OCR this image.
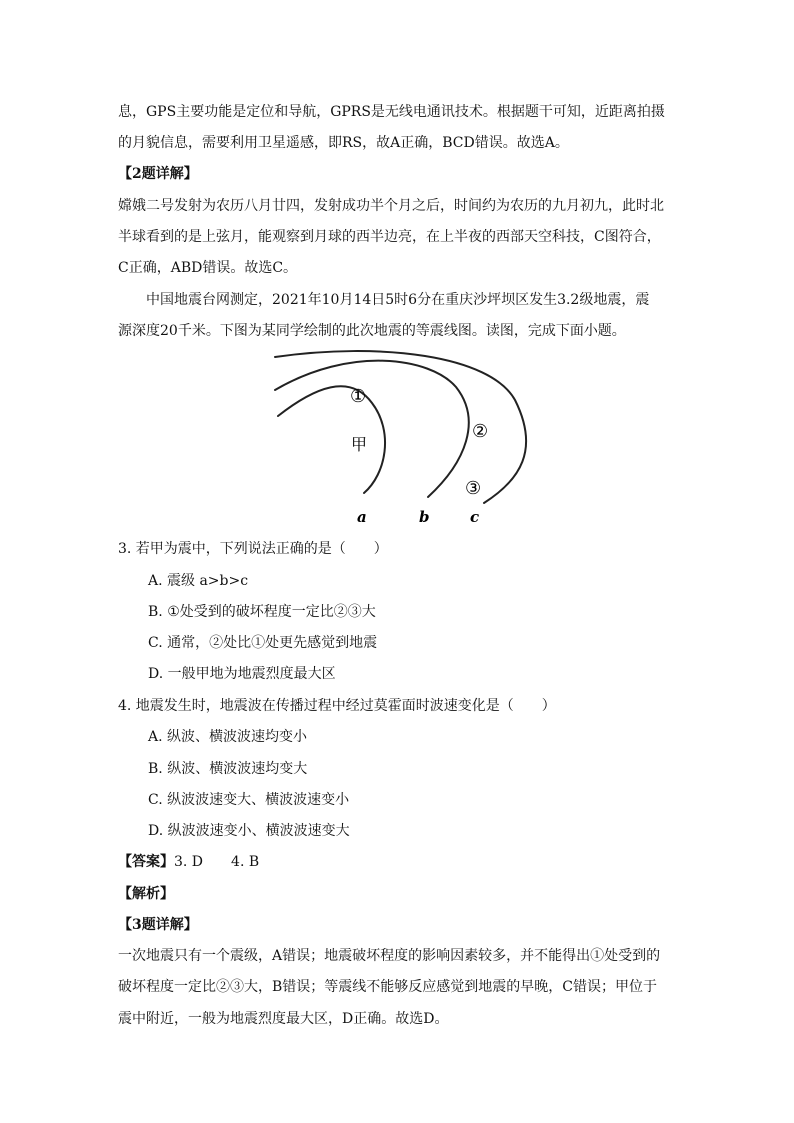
息，GPS主要功能是定位和导航，GPRS是无线电通讯技术。根据题干可知，近距离拍摄
的月貌信息，需要利用卫星遥感，即RS，故A正确，BCD错误。故选A。
【2题详解】
嫦娥二号发射为农历八月廿四，发射成功半个月之后，时间约为农历的九月初九，此时北
半球看到的是上弦月，能观察到月球的西半边亮，在上半夜的西部天空科技，C图符合，
C正确，ABD错误。故选C。
中国地震台网测定，2021年10月14日5时6分在重庆沙坪坝区发生3.2级地震，震
源深度20千米。下图为某同学绘制的此次地震的等震线图。读图，完成下面小题。
①
②
③
甲
a	b	c
3. 若甲为震中，下列说法正确的是（　　）
A. 震级 a>b>c
B. ①处受到的破坏程度一定比②③大
C. 通常，②处比①处更先感觉到地震
D. 一般甲地为地震烈度最大区
4. 地震发生时，地震波在传播过程中经过莫霍面时波速变化是（　　）
A. 纵波、横波波速均变小
B. 纵波、横波波速均变大
C. 纵波波速变大、横波波速变小
D. 纵波波速变小、横波波速变大
【答案】3. D　　4. B
【解析】
【3题详解】
一次地震只有一个震级，A错误；地震破坏程度的影响因素较多，并不能得出①处受到的
破坏程度一定比②③大，B错误；等震线不能够反应感觉到地震的早晚，C错误；甲位于
震中附近，一般为地震烈度最大区，D正确。故选D。
